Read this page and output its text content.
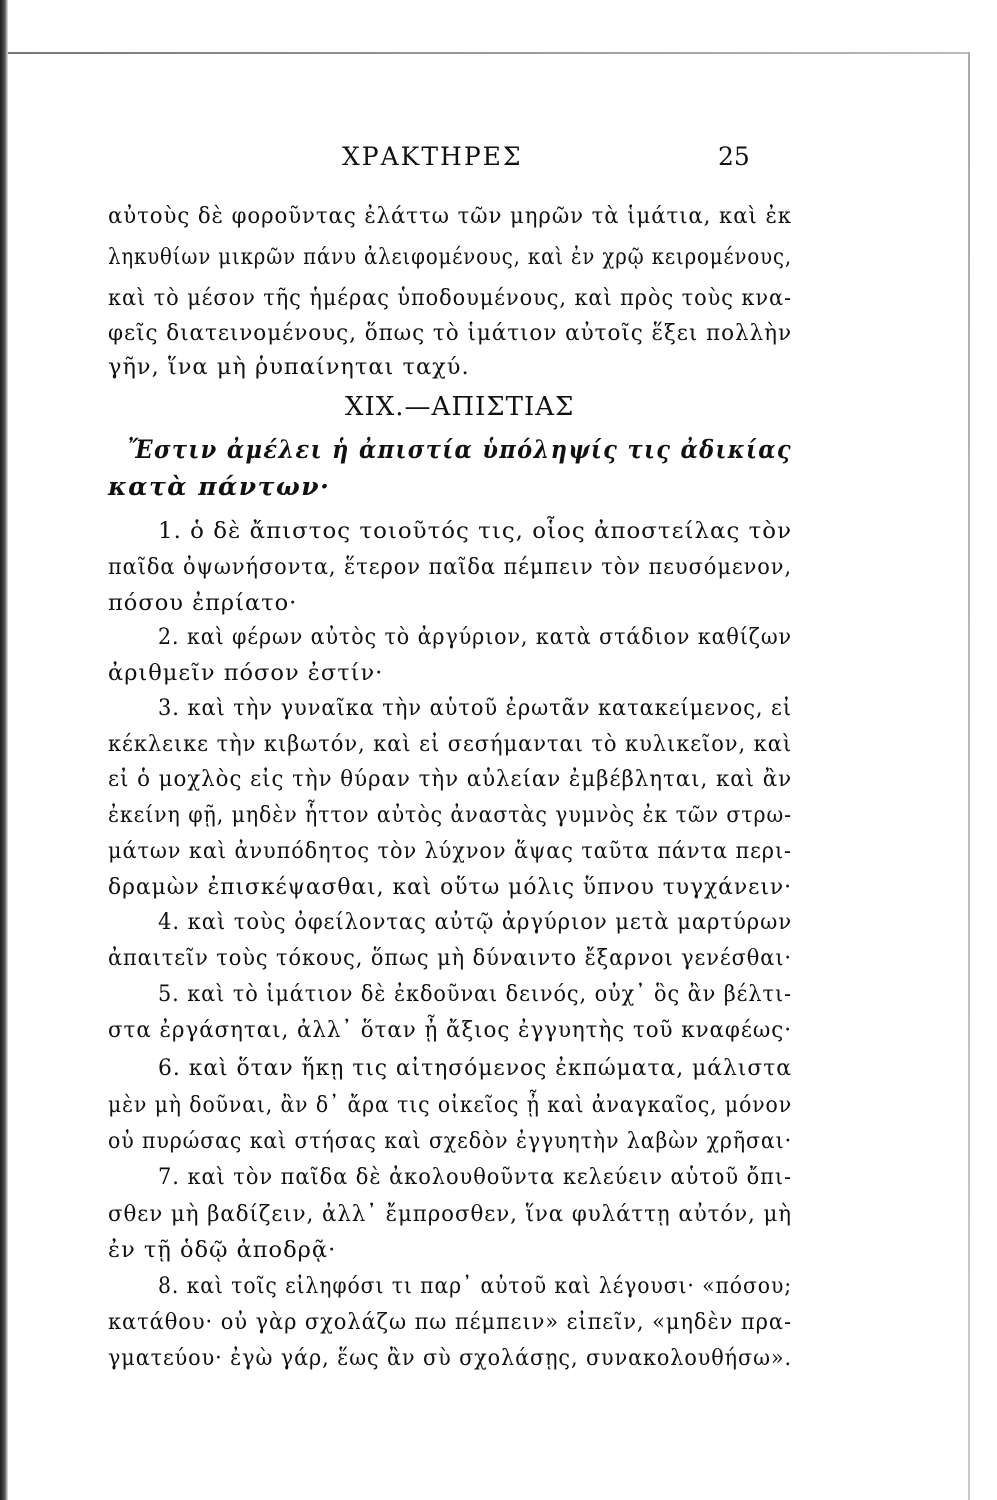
ΧΡΑΚΤΗΡΕΣ	25
αὐτοὺς δὲ φοροῦντας ἐλάττω τῶν μηρῶν τὰ ἱμάτια, καὶ ἐκ
ληκυθίων μικρῶν πάνυ ἀλειφομένους, καὶ ἐν χρῷ κειρομένους,
καὶ τὸ μέσον τῆς ἡμέρας ὑποδουμένους, καὶ πρὸς τοὺς κνα-
φεῖς διατεινομένους, ὅπως τὸ ἱμάτιον αὐτοῖς ἕξει πολλὴν
γῆν, ἵνα μὴ ῥυπαίνηται ταχύ.
XIX.—ΑΠΙΣΤΙΑΣ
Ἔστιν ἀμέλει ἡ ἀπιστία ὑπόληψίς τις ἀδικίας
κατὰ πάντων·
1. ὁ δὲ ἄπιστος τοιοῦτός τις, οἷος ἀποστείλας τὸν
παῖδα ὀψωνήσοντα, ἕτερον παῖδα πέμπειν τὸν πευσόμενον,
πόσου ἐπρίατο·
2. καὶ φέρων αὐτὸς τὸ ἀργύριον, κατὰ στάδιον καθίζων
ἀριθμεῖν πόσον ἐστίν·
3. καὶ τὴν γυναῖκα τὴν αὑτοῦ ἐρωτᾶν κατακείμενος, εἰ
κέκλεικε τὴν κιβωτόν, καὶ εἰ σεσήμανται τὸ κυλικεῖον, καὶ
εἰ ὁ μοχλὸς εἰς τὴν θύραν τὴν αὐλείαν ἐμβέβληται, καὶ ἂν
ἐκείνη φῇ, μηδὲν ἧττον αὐτὸς ἀναστὰς γυμνὸς ἐκ τῶν στρω-
μάτων καὶ ἀνυπόδητος τὸν λύχνον ἅψας ταῦτα πάντα περι-
δραμὼν ἐπισκέψασθαι, καὶ οὕτω μόλις ὕπνου τυγχάνειν·
4. καὶ τοὺς ὀφείλοντας αὐτῷ ἀργύριον μετὰ μαρτύρων
ἀπαιτεῖν τοὺς τόκους, ὅπως μὴ δύναιντο ἔξαρνοι γενέσθαι·
5. καὶ τὸ ἱμάτιον δὲ ἐκδοῦναι δεινός, οὐχ᾽ ὃς ἂν βέλτι-
στα ἐργάσηται, ἀλλ᾽ ὅταν ᾖ ἄξιος ἐγγυητὴς τοῦ κναφέως·
6. καὶ ὅταν ἥκῃ τις αἰτησόμενος ἐκπώματα, μάλιστα
μὲν μὴ δοῦναι, ἂν δ᾽ ἄρα τις οἰκεῖος ᾖ καὶ ἀναγκαῖος, μόνον
οὐ πυρώσας καὶ στήσας καὶ σχεδὸν ἐγγυητὴν λαβὼν χρῆσαι·
7. καὶ τὸν παῖδα δὲ ἀκολουθοῦντα κελεύειν αὑτοῦ ὄπι-
σθεν μὴ βαδίζειν, ἀλλ᾽ ἔμπροσθεν, ἵνα φυλάττῃ αὐτόν, μὴ
ἐν τῇ ὁδῷ ἀποδρᾷ·
8. καὶ τοῖς εἰληφόσι τι παρ᾽ αὐτοῦ καὶ λέγουσι· «πόσου;
κατάθου· οὐ γὰρ σχολάζω πω πέμπειν» εἰπεῖν, «μηδὲν πρα-
γματεύου· ἐγὼ γάρ, ἕως ἂν σὺ σχολάσῃς, συνακολουθήσω».
